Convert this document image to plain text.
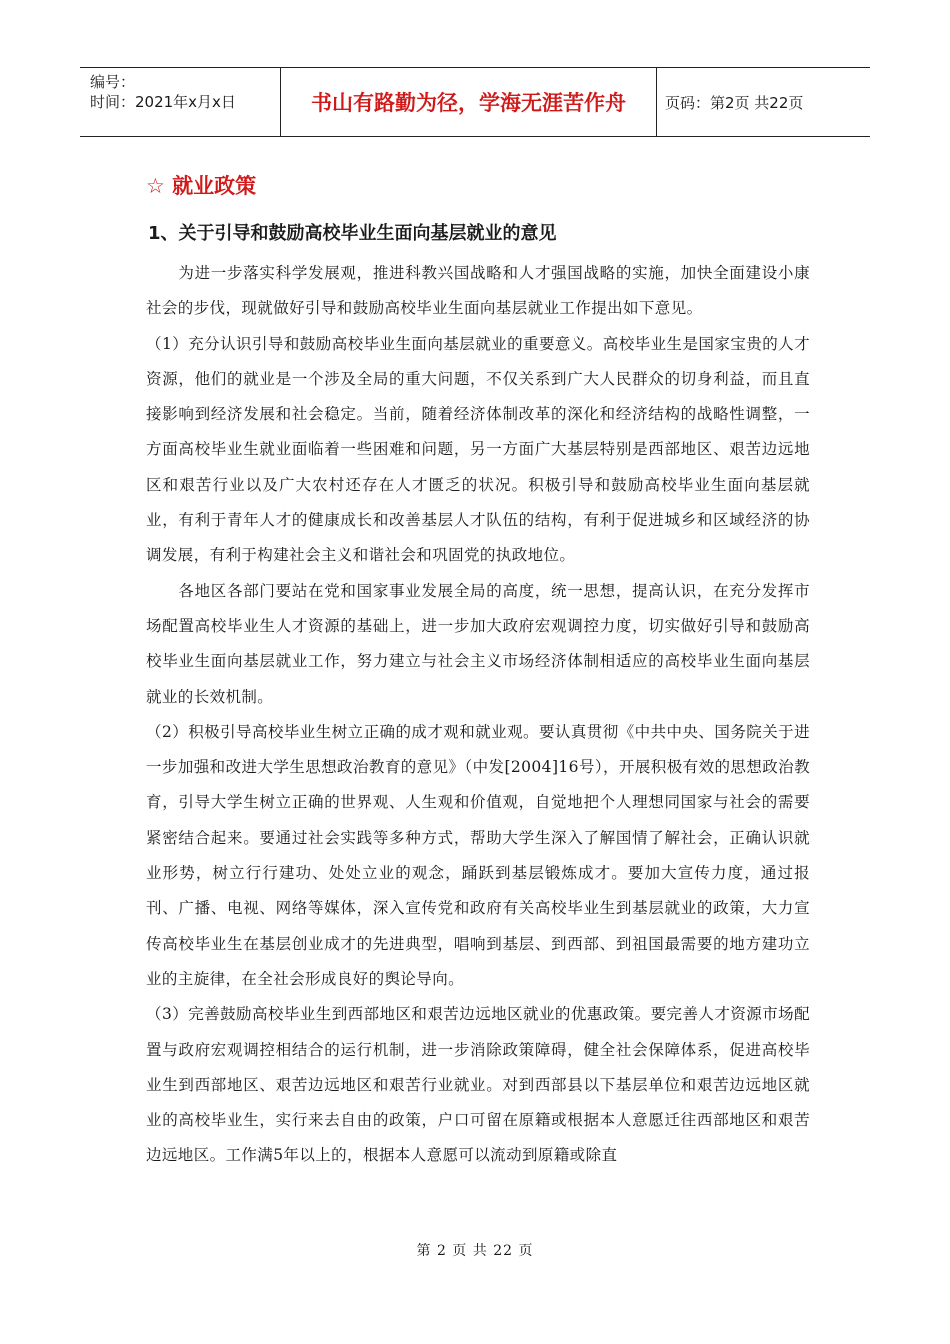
编号：
时间：2021年x月x日	书山有路勤为径，学海无涯苦作舟	页码：第2页 共22页
☆ 就业政策
1、关于引导和鼓励高校毕业生面向基层就业的意见

　　为进一步落实科学发展观，推进科教兴国战略和人才强国战略的实施，加快全面建设小康社会的步伐，现就做好引导和鼓励高校毕业生面向基层就业工作提出如下意见。

（1）充分认识引导和鼓励高校毕业生面向基层就业的重要意义。高校毕业生是国家宝贵的人才资源，他们的就业是一个涉及全局的重大问题，不仅关系到广大人民群众的切身利益，而且直接影响到经济发展和社会稳定。当前，随着经济体制改革的深化和经济结构的战略性调整，一方面高校毕业生就业面临着一些困难和问题，另一方面广大基层特别是西部地区、艰苦边远地区和艰苦行业以及广大农村还存在人才匮乏的状况。积极引导和鼓励高校毕业生面向基层就业，有利于青年人才的健康成长和改善基层人才队伍的结构，有利于促进城乡和区域经济的协调发展，有利于构建社会主义和谐社会和巩固党的执政地位。

　　各地区各部门要站在党和国家事业发展全局的高度，统一思想，提高认识，在充分发挥市场配置高校毕业生人才资源的基础上，进一步加大政府宏观调控力度，切实做好引导和鼓励高校毕业生面向基层就业工作，努力建立与社会主义市场经济体制相适应的高校毕业生面向基层就业的长效机制。

（2）积极引导高校毕业生树立正确的成才观和就业观。要认真贯彻《中共中央、国务院关于进一步加强和改进大学生思想政治教育的意见》（中发[2004]16号），开展积极有效的思想政治教育，引导大学生树立正确的世界观、人生观和价值观，自觉地把个人理想同国家与社会的需要紧密结合起来。要通过社会实践等多种方式，帮助大学生深入了解国情了解社会，正确认识就业形势，树立行行建功、处处立业的观念，踊跃到基层锻炼成才。要加大宣传力度，通过报刊、广播、电视、网络等媒体，深入宣传党和政府有关高校毕业生到基层就业的政策，大力宣传高校毕业生在基层创业成才的先进典型，唱响到基层、到西部、到祖国最需要的地方建功立业的主旋律，在全社会形成良好的舆论导向。

（3）完善鼓励高校毕业生到西部地区和艰苦边远地区就业的优惠政策。要完善人才资源市场配置与政府宏观调控相结合的运行机制，进一步消除政策障碍，健全社会保障体系，促进高校毕业生到西部地区、艰苦边远地区和艰苦行业就业。对到西部县以下基层单位和艰苦边远地区就业的高校毕业生，实行来去自由的政策，户口可留在原籍或根据本人意愿迁往西部地区和艰苦边远地区。工作满5年以上的，根据本人意愿可以流动到原籍或除直

第 2 页 共 22 页
